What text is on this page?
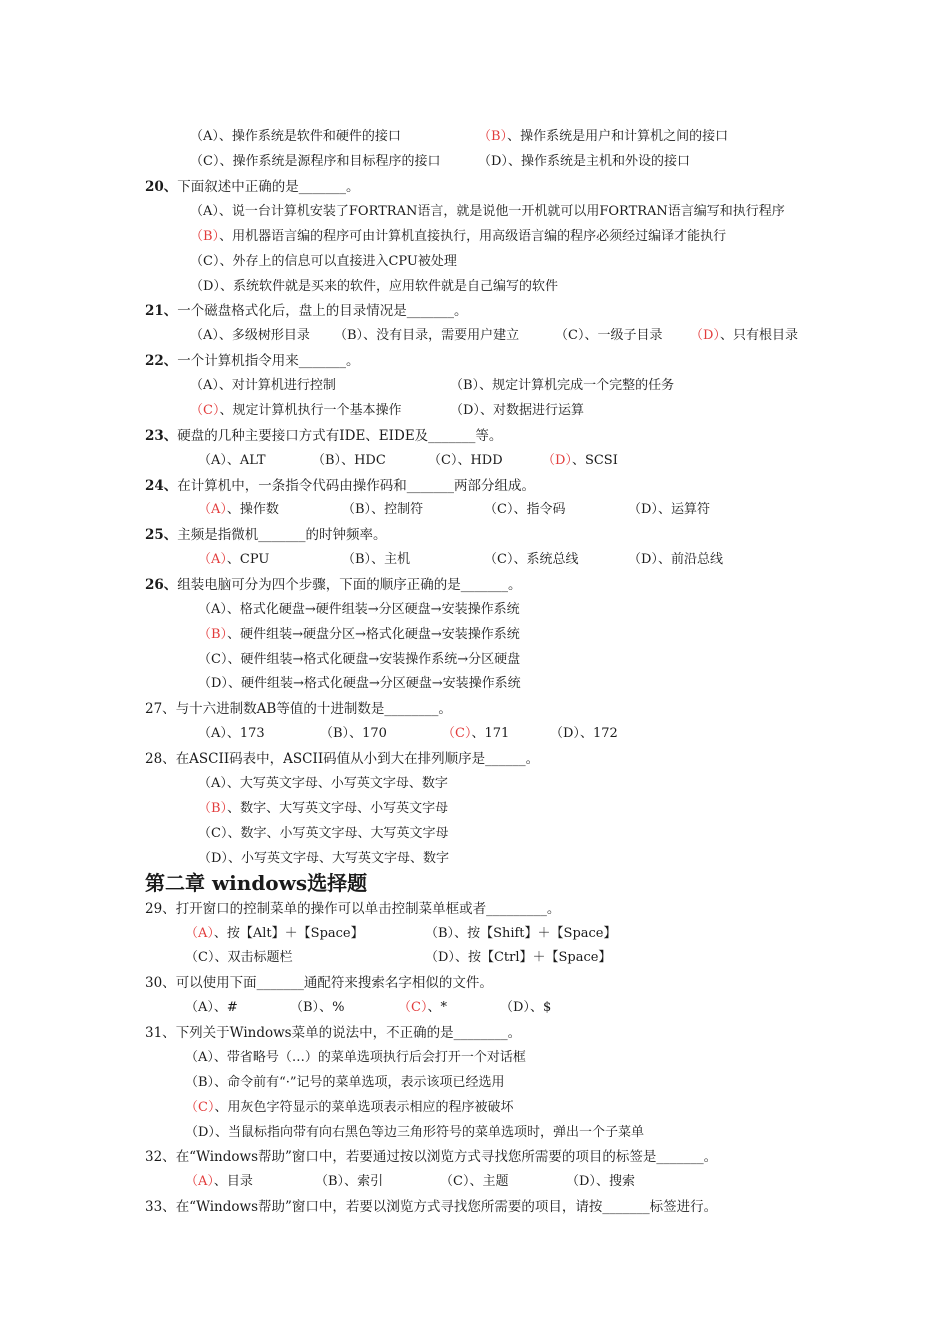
（A）、操作系统是软件和硬件的接口	（B）、操作系统是用户和计算机之间的接口
（C）、操作系统是源程序和目标程序的接口	（D）、操作系统是主机和外设的接口
20、下面叙述中正确的是_______。
（A）、说一台计算机安装了FORTRAN语言，就是说他一开机就可以用FORTRAN语言编写和执行程序
（B）、用机器语言编的程序可由计算机直接执行，用高级语言编的程序必须经过编译才能执行
（C）、外存上的信息可以直接进入CPU被处理
（D）、系统软件就是买来的软件，应用软件就是自己编写的软件
21、一个磁盘格式化后，盘上的目录情况是_______。
（A）、多级树形目录 （B）、没有目录，需要用户建立	（C）、一级子目录 （D）、只有根目录
22、一个计算机指令用来_______。
（A）、对计算机进行控制	（B）、规定计算机完成一个完整的任务
（C）、规定计算机执行一个基本操作	（D）、对数据进行运算
23、硬盘的几种主要接口方式有IDE、EIDE及_______等。
（A）、ALT	（B）、HDC	（C）、HDD	（D）、SCSI
24、在计算机中，一条指令代码由操作码和_______两部分组成。
（A）、操作数	（B）、控制符	（C）、指令码	（D）、运算符
25、主频是指微机_______的时钟频率。
（A）、CPU	（B）、主机	（C）、系统总线	（D）、前沿总线
26、组装电脑可分为四个步骤，下面的顺序正确的是_______。
（A）、格式化硬盘→硬件组装→分区硬盘→安装操作系统
（B）、硬件组装→硬盘分区→格式化硬盘→安装操作系统
（C）、硬件组装→格式化硬盘→安装操作系统→分区硬盘
（D）、硬件组装→格式化硬盘→分区硬盘→安装操作系统
27、与十六进制数AB等值的十进制数是________。
（A）、173	（B）、170	（C）、171	（D）、172
28、在ASCII码表中，ASCII码值从小到大在排列顺序是______。
（A）、大写英文字母、小写英文字母、数字
（B）、数字、大写英文字母、小写英文字母
（C）、数字、小写英文字母、大写英文字母
（D）、小写英文字母、大写英文字母、数字
第二章 windows选择题
29、打开窗口的控制菜单的操作可以单击控制菜单框或者_________。
（A）、按【Alt】＋【Space】	（B）、按【Shift】＋【Space】
（C）、双击标题栏	（D）、按【Ctrl】＋【Space】
30、可以使用下面_______通配符来搜索名字相似的文件。
（A）、#	（B）、%	（C）、*	（D）、$
31、下列关于Windows菜单的说法中，不正确的是________。
（A）、带省略号（…）的菜单选项执行后会打开一个对话框
（B）、命令前有“·”记号的菜单选项，表示该项已经选用
（C）、用灰色字符显示的菜单选项表示相应的程序被破坏
（D）、当鼠标指向带有向右黑色等边三角形符号的菜单选项时，弹出一个子菜单
32、在“Windows帮助”窗口中，若要通过按以浏览方式寻找您所需要的项目的标签是_______。
（A）、目录	（B）、索引	（C）、主题	（D）、搜索
33、在“Windows帮助”窗口中，若要以浏览方式寻找您所需要的项目，请按_______标签进行。
